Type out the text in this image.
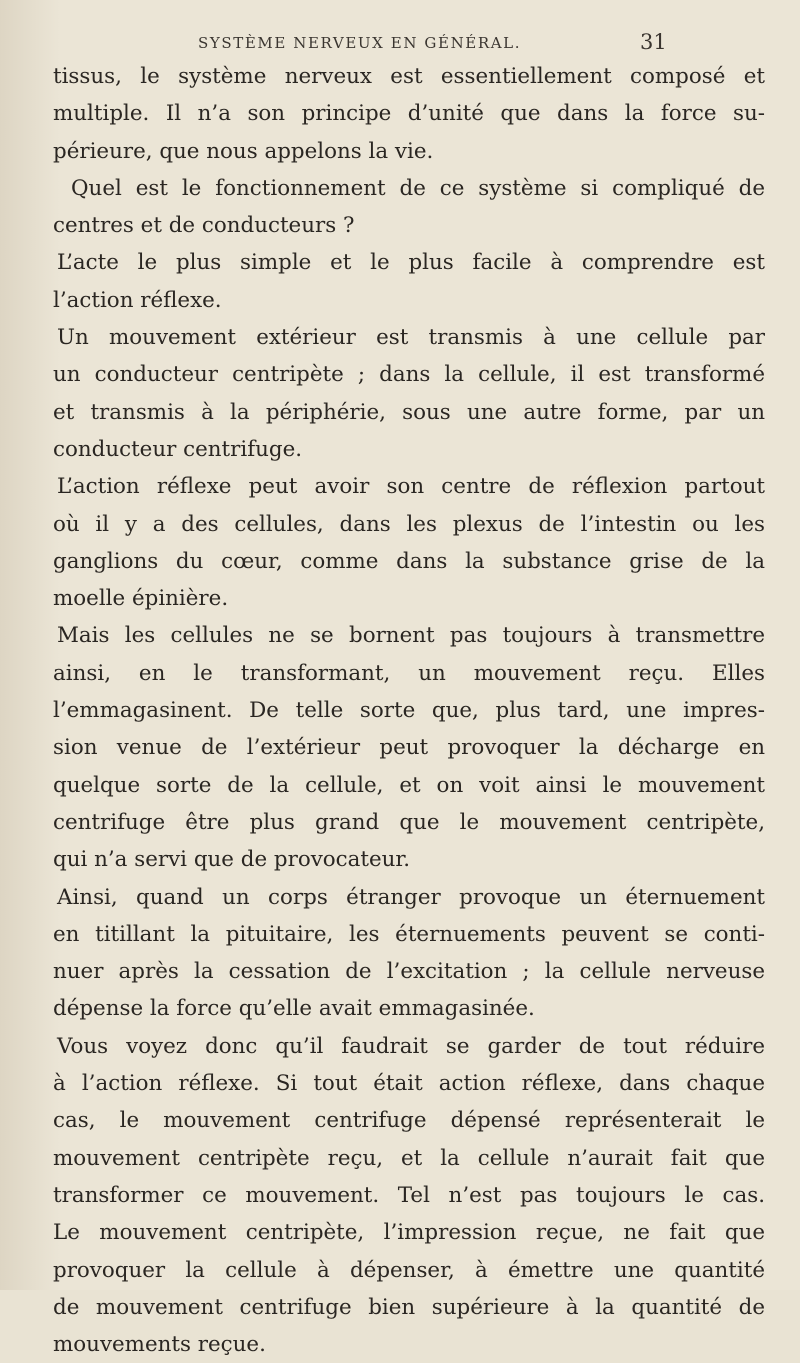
SYSTÈME NERVEUX EN GÉNÉRAL.	31
tissus, le système nerveux est essentiellement composé et
multiple. Il n’a son principe d’unité que dans la force su-
périeure, que nous appelons la vie.
Quel est le fonctionnement de ce système si compliqué de
centres et de conducteurs ?
L’acte le plus simple et le plus facile à comprendre est
l’action réflexe.
Un mouvement extérieur est transmis à une cellule par
un conducteur centripète ; dans la cellule, il est transformé
et transmis à la périphérie, sous une autre forme, par un
conducteur centrifuge.
L’action réflexe peut avoir son centre de réflexion partout
où il y a des cellules, dans les plexus de l’intestin ou les
ganglions du cœur, comme dans la substance grise de la
moelle épinière.
Mais les cellules ne se bornent pas toujours à transmettre
ainsi, en le transformant, un mouvement reçu. Elles
l’emmagasinent. De telle sorte que, plus tard, une impres-
sion venue de l’extérieur peut provoquer la décharge en
quelque sorte de la cellule, et on voit ainsi le mouvement
centrifuge être plus grand que le mouvement centripète,
qui n’a servi que de provocateur.
Ainsi, quand un corps étranger provoque un éternuement
en titillant la pituitaire, les éternuements peuvent se conti-
nuer après la cessation de l’excitation ; la cellule nerveuse
dépense la force qu’elle avait emmagasinée.
Vous voyez donc qu’il faudrait se garder de tout réduire
à l’action réflexe. Si tout était action réflexe, dans chaque
cas, le mouvement centrifuge dépensé représenterait le
mouvement centripète reçu, et la cellule n’aurait fait que
transformer ce mouvement. Tel n’est pas toujours le cas.
Le mouvement centripète, l’impression reçue, ne fait que
provoquer la cellule à dépenser, à émettre une quantité
de mouvement centrifuge bien supérieure à la quantité de
mouvements reçue.
